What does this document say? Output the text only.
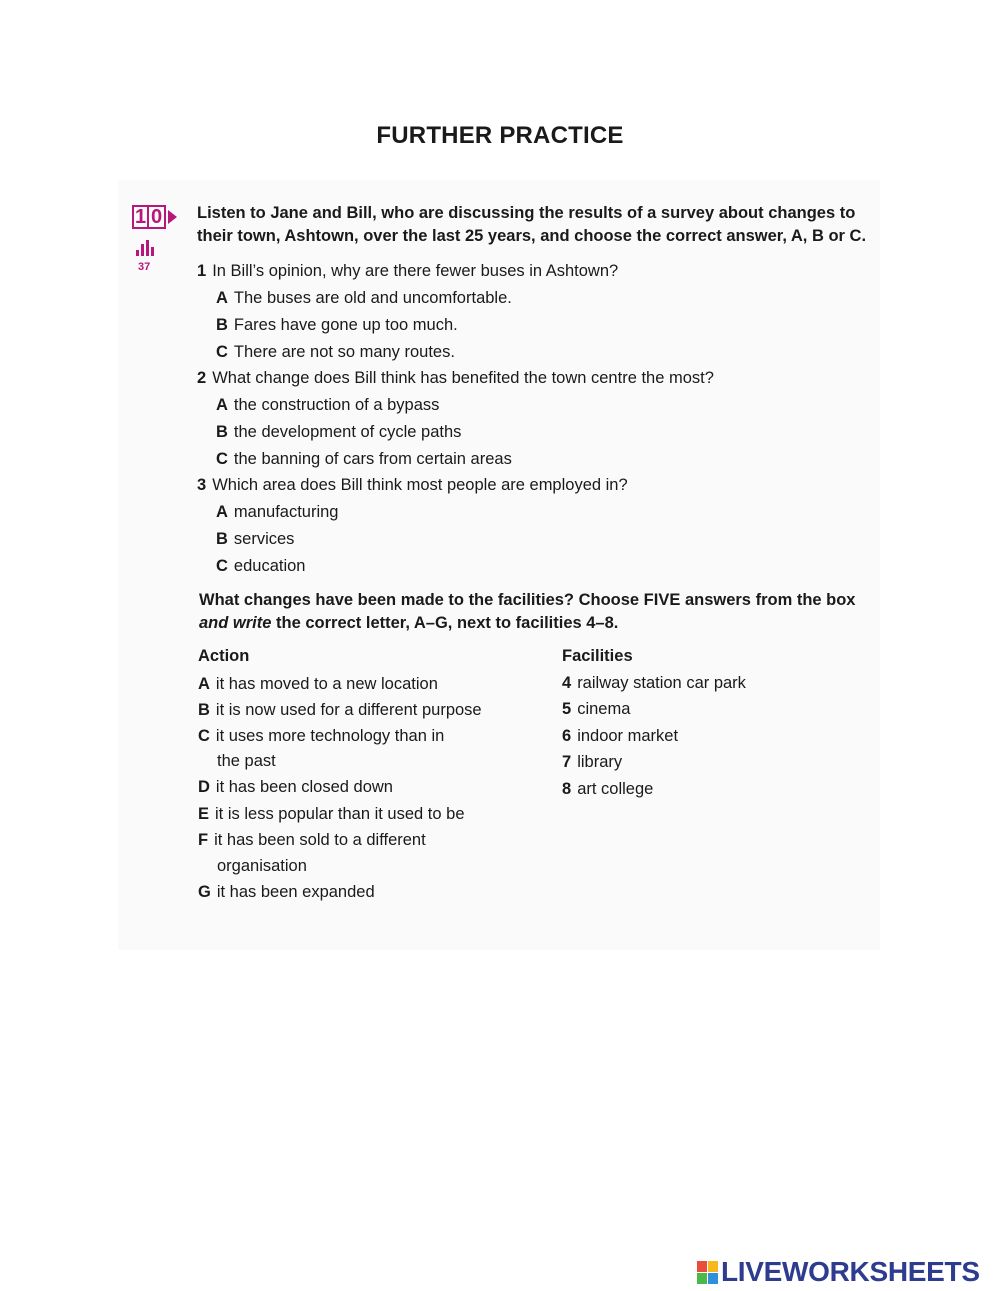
FURTHER PRACTICE
1 0
37
Listen to Jane and Bill, who are discussing the results of a survey about changes to
their town, Ashtown, over the last 25 years, and choose the correct answer, A, B or C.
1 In Bill’s opinion, why are there fewer buses in Ashtown?
A The buses are old and uncomfortable.
B Fares have gone up too much.
C There are not so many routes.
2 What change does Bill think has benefited the town centre the most?
A the construction of a bypass
B the development of cycle paths
C the banning of cars from certain areas
3 Which area does Bill think most people are employed in?
A manufacturing
B services
C education
What changes have been made to the facilities? Choose FIVE answers from the box
and write the correct letter, A–G, next to facilities 4–8.
Action
A it has moved to a new location
B it is now used for a different purpose
C it uses more technology than in
the past
D it has been closed down
E it is less popular than it used to be
F it has been sold to a different
organisation
G it has been expanded
Facilities
4 railway station car park
5 cinema
6 indoor market
7 library
8 art college
LIVEWORKSHEETS
